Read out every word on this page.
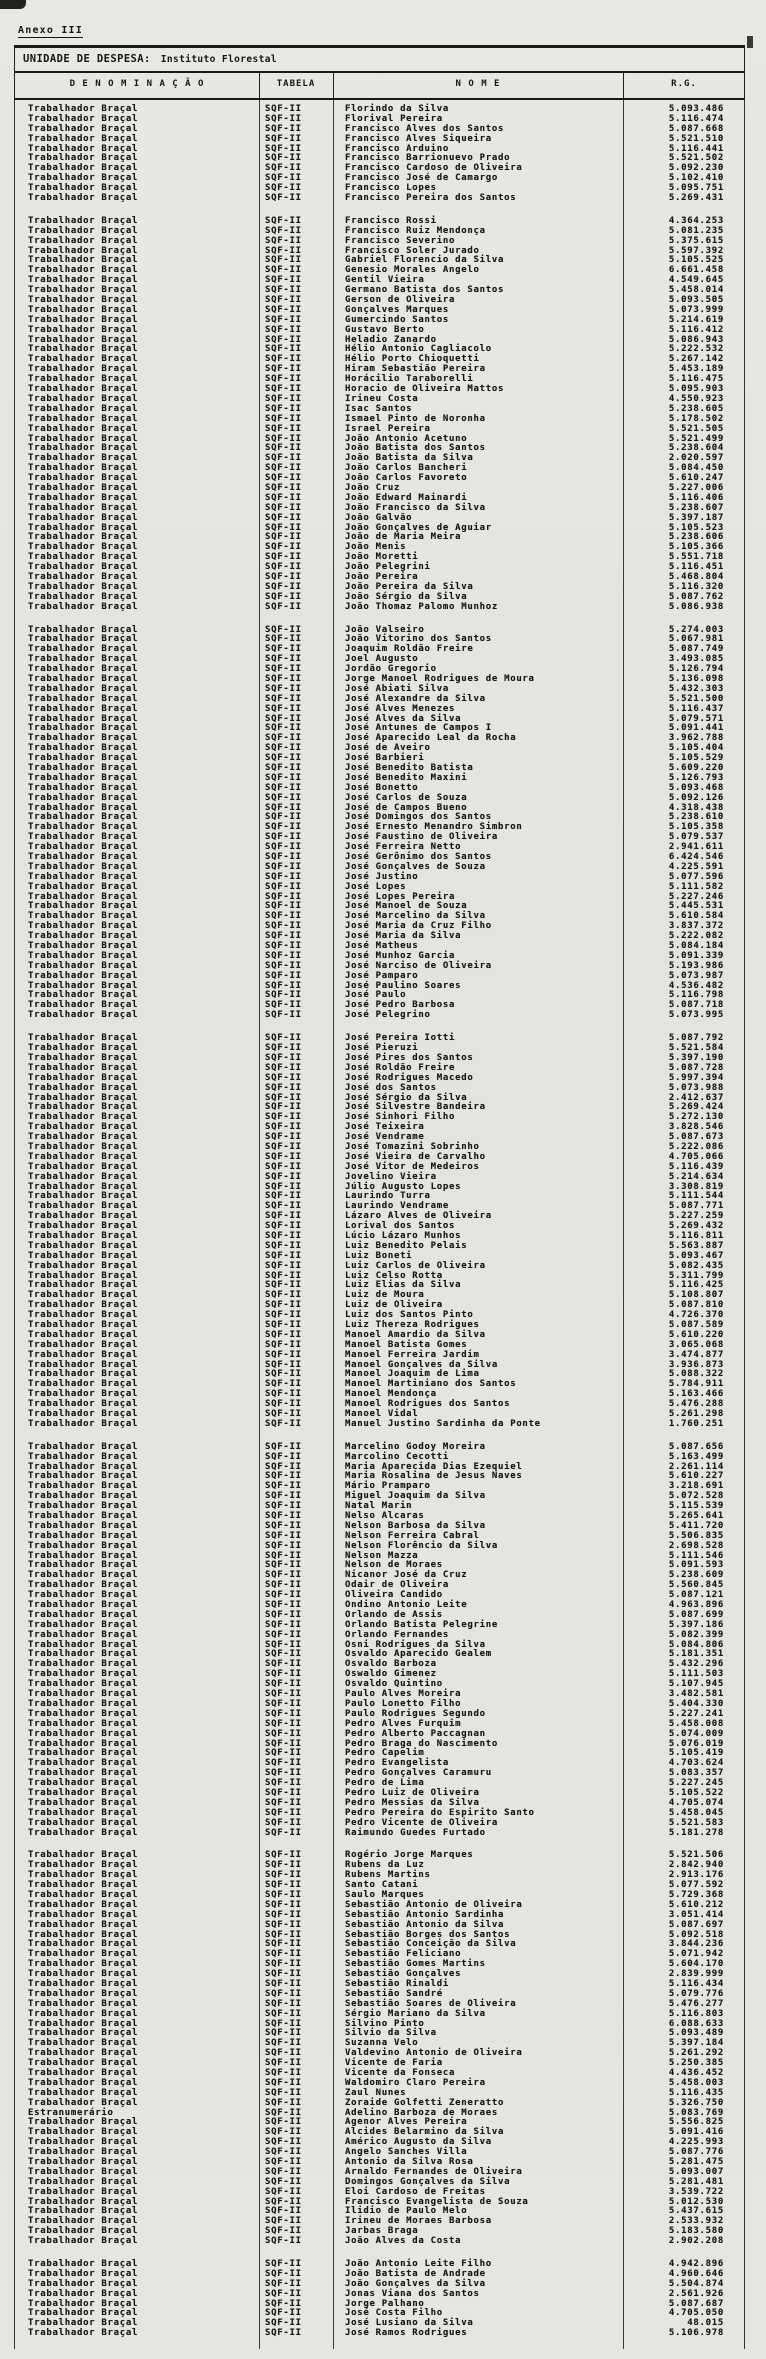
Anexo III
UNIDADE DE DESPESA: Instituto Florestal
D E N O M I N A Ç Ã O	TABELA	N O M E	R.G.
Trabalhador Braçal	SQF-II	Florindo da Silva	5.093.486
Trabalhador Braçal	SQF-II	Florival Pereira	5.116.474
Trabalhador Braçal	SQF-II	Francisco Alves dos Santos	5.087.668
Trabalhador Braçal	SQF-II	Francisco Alves Siqueira	5.521.510
Trabalhador Braçal	SQF-II	Francisco Arduino	5.116.441
Trabalhador Braçal	SQF-II	Francisco Barrionuevo Prado	5.521.502
Trabalhador Braçal	SQF-II	Francisco Cardoso de Oliveira	5.092.230
Trabalhador Braçal	SQF-II	Francisco José de Camargo	5.102.410
Trabalhador Braçal	SQF-II	Francisco Lopes	5.095.751
Trabalhador Braçal	SQF-II	Francisco Pereira dos Santos	5.269.431
Trabalhador Braçal	SQF-II	Francisco Rossi	4.364.253
Trabalhador Braçal	SQF-II	Francisco Ruiz Mendonça	5.081.235
Trabalhador Braçal	SQF-II	Francisco Severino	5.375.615
Trabalhador Braçal	SQF-II	Francisco Soler Jurado	5.597.392
Trabalhador Braçal	SQF-II	Gabriel Florencio da Silva	5.105.525
Trabalhador Braçal	SQF-II	Genesio Morales Angelo	6.661.458
Trabalhador Braçal	SQF-II	Gentil Vieira	4.549.645
Trabalhador Braçal	SQF-II	Germano Batista dos Santos	5.458.014
Trabalhador Braçal	SQF-II	Gerson de Oliveira	5.093.505
Trabalhador Braçal	SQF-II	Gonçalves Marques	5.073.999
Trabalhador Braçal	SQF-II	Gumercindo Santos	5.214.619
Trabalhador Braçal	SQF-II	Gustavo Berto	5.116.412
Trabalhador Braçal	SQF-II	Heladio Zanardo	5.086.943
Trabalhador Braçal	SQF-II	Hélio Antonio Cagliacolo	5.222.532
Trabalhador Braçal	SQF-II	Hélio Porto Chioquetti	5.267.142
Trabalhador Braçal	SQF-II	Hiram Sebastião Pereira	5.453.189
Trabalhador Braçal	SQF-II	Horácilio Taraborelli	5.116.475
Trabalhador Braçal	SQF-II	Horacio de Oliveira Mattos	5.095.903
Trabalhador Braçal	SQF-II	Irineu Costa	4.550.923
Trabalhador Braçal	SQF-II	Isac Santos	5.238.605
Trabalhador Braçal	SQF-II	Ismael Pinto de Noronha	5.178.502
Trabalhador Braçal	SQF-II	Israel Pereira	5.521.505
Trabalhador Braçal	SQF-II	João Antonio Acetuno	5.521.499
Trabalhador Braçal	SQF-II	João Batista dos Santos	5.238.604
Trabalhador Braçal	SQF-II	João Batista da Silva	2.020.597
Trabalhador Braçal	SQF-II	João Carlos Bancheri	5.084.450
Trabalhador Braçal	SQF-II	João Carlos Favoreto	5.610.247
Trabalhador Braçal	SQF-II	João Cruz	5.227.006
Trabalhador Braçal	SQF-II	João Edward Mainardi	5.116.406
Trabalhador Braçal	SQF-II	João Francisco da Silva	5.238.607
Trabalhador Braçal	SQF-II	João Galvão	5.397.187
Trabalhador Braçal	SQF-II	João Gonçalves de Aguiar	5.105.523
Trabalhador Braçal	SQF-II	João de Maria Meira	5.238.606
Trabalhador Braçal	SQF-II	João Menis	5.105.366
Trabalhador Braçal	SQF-II	João Moretti	5.551.718
Trabalhador Braçal	SQF-II	João Pelegrini	5.116.451
Trabalhador Braçal	SQF-II	João Pereira	5.468.804
Trabalhador Braçal	SQF-II	João Pereira da Silva	5.116.320
Trabalhador Braçal	SQF-II	João Sérgio da Silva	5.087.762
Trabalhador Braçal	SQF-II	João Thomaz Palomo Munhoz	5.086.938
Trabalhador Braçal	SQF-II	João Valseiro	5.274.003
Trabalhador Braçal	SQF-II	João Vitorino dos Santos	5.067.981
Trabalhador Braçal	SQF-II	Joaquim Roldão Freire	5.087.749
Trabalhador Braçal	SQF-II	Joel Augusto	3.493.085
Trabalhador Braçal	SQF-II	Jordão Gregorio	5.126.794
Trabalhador Braçal	SQF-II	Jorge Manoel Rodrigues de Moura	5.136.098
Trabalhador Braçal	SQF-II	José Abiati Silva	5.432.303
Trabalhador Braçal	SQF-II	José Alexandre da Silva	5.521.500
Trabalhador Braçal	SQF-II	José Alves Menezes	5.116.437
Trabalhador Braçal	SQF-II	José Alves da Silva	5.079.571
Trabalhador Braçal	SQF-II	José Antunes de Campos I	5.091.441
Trabalhador Braçal	SQF-II	José Aparecido Leal da Rocha	3.962.788
Trabalhador Braçal	SQF-II	José de Aveiro	5.105.404
Trabalhador Braçal	SQF-II	José Barbieri	5.105.529
Trabalhador Braçal	SQF-II	José Benedito Batista	5.609.220
Trabalhador Braçal	SQF-II	José Benedito Maxini	5.126.793
Trabalhador Braçal	SQF-II	José Bonetto	5.093.468
Trabalhador Braçal	SQF-II	José Carlos de Souza	5.092.126
Trabalhador Braçal	SQF-II	José de Campos Bueno	4.318.438
Trabalhador Braçal	SQF-II	José Domingos dos Santos	5.238.610
Trabalhador Braçal	SQF-II	José Ernesto Menandro Simbron	5.105.358
Trabalhador Braçal	SQF-II	José Faustino de Oliveira	5.079.537
Trabalhador Braçal	SQF-II	José Ferreira Netto	2.941.611
Trabalhador Braçal	SQF-II	José Gerônimo dos Santos	6.424.546
Trabalhador Braçal	SQF-II	José Gonçalves de Souza	4.225.591
Trabalhador Braçal	SQF-II	José Justino	5.077.596
Trabalhador Braçal	SQF-II	José Lopes	5.111.582
Trabalhador Braçal	SQF-II	José Lopes Pereira	5.227.246
Trabalhador Braçal	SQF-II	José Manoel de Souza	5.445.531
Trabalhador Braçal	SQF-II	José Marcelino da Silva	5.610.584
Trabalhador Braçal	SQF-II	José Maria da Cruz Filho	3.837.372
Trabalhador Braçal	SQF-II	José Maria da Silva	5.222.082
Trabalhador Braçal	SQF-II	José Matheus	5.084.184
Trabalhador Braçal	SQF-II	José Munhoz Garcia	5.091.339
Trabalhador Braçal	SQF-II	José Narciso de Oliveira	5.193.986
Trabalhador Braçal	SQF-II	José Pamparo	5.073.987
Trabalhador Braçal	SQF-II	José Paulino Soares	4.536.482
Trabalhador Braçal	SQF-II	José Paulo	5.116.798
Trabalhador Braçal	SQF-II	José Pedro Barbosa	5.087.718
Trabalhador Braçal	SQF-II	José Pelegrino	5.073.995
Trabalhador Braçal	SQF-II	José Pereira Iotti	5.087.792
Trabalhador Braçal	SQF-II	José Pieruzi	5.521.584
Trabalhador Braçal	SQF-II	José Pires dos Santos	5.397.190
Trabalhador Braçal	SQF-II	José Roldão Freire	5.087.728
Trabalhador Braçal	SQF-II	José Rodrigues Macedo	5.997.394
Trabalhador Braçal	SQF-II	José dos Santos	5.073.988
Trabalhador Braçal	SQF-II	José Sérgio da Silva	2.412.637
Trabalhador Braçal	SQF-II	José Silvestre Bandeira	5.269.424
Trabalhador Braçal	SQF-II	José Sinhori Filho	5.272.130
Trabalhador Braçal	SQF-II	José Teixeira	3.828.546
Trabalhador Braçal	SQF-II	José Vendrame	5.087.673
Trabalhador Braçal	SQF-II	José Tomazini Sobrinho	5.222.086
Trabalhador Braçal	SQF-II	José Vieira de Carvalho	4.705.066
Trabalhador Braçal	SQF-II	José Vitor de Medeiros	5.116.439
Trabalhador Braçal	SQF-II	Jovelino Vieira	5.214.634
Trabalhador Braçal	SQF-II	Júlio Augusto Lopes	3.308.819
Trabalhador Braçal	SQF-II	Laurindo Turra	5.111.544
Trabalhador Braçal	SQF-II	Laurindo Vendrame	5.087.771
Trabalhador Braçal	SQF-II	Lázaro Alves de Oliveira	5.227.259
Trabalhador Braçal	SQF-II	Lorival dos Santos	5.269.432
Trabalhador Braçal	SQF-II	Lúcio Lázaro Munhos	5.116.811
Trabalhador Braçal	SQF-II	Luiz Benedito Pelais	5.563.887
Trabalhador Braçal	SQF-II	Luiz Boneti	5.093.467
Trabalhador Braçal	SQF-II	Luiz Carlos de Oliveira	5.082.435
Trabalhador Braçal	SQF-II	Luiz Celso Rotta	5.311.799
Trabalhador Braçal	SQF-II	Luiz Elias da Silva	5.116.425
Trabalhador Braçal	SQF-II	Luiz de Moura	5.108.807
Trabalhador Braçal	SQF-II	Luiz de Oliveira	5.087.810
Trabalhador Braçal	SQF-II	Luiz dos Santos Pinto	4.726.370
Trabalhador Braçal	SQF-II	Luiz Thereza Rodrigues	5.087.589
Trabalhador Braçal	SQF-II	Manoel Amardio da Silva	5.610.220
Trabalhador Braçal	SQF-II	Manoel Batista Gomes	3.065.068
Trabalhador Braçal	SQF-II	Manoel Ferreira Jardim	3.474.877
Trabalhador Braçal	SQF-II	Manoel Gonçalves da Silva	3.936.873
Trabalhador Braçal	SQF-II	Manoel Joaquim de Lima	5.088.322
Trabalhador Braçal	SQF-II	Manoel Martiniano dos Santos	5.784.911
Trabalhador Braçal	SQF-II	Manoel Mendonça	5.163.466
Trabalhador Braçal	SQF-II	Manoel Rodrigues dos Santos	5.476.288
Trabalhador Braçal	SQF-II	Manoel Vidal	5.261.298
Trabalhador Braçal	SQF-II	Manuel Justino Sardinha da Ponte	1.760.251
Trabalhador Braçal	SQF-II	Marcelino Godoy Moreira	5.087.656
Trabalhador Braçal	SQF-II	Marcolino Cecotti	5.163.499
Trabalhador Braçal	SQF-II	Maria Aparecida Dias Ezequiel	2.261.114
Trabalhador Braçal	SQF-II	Maria Rosalina de Jesus Naves	5.610.227
Trabalhador Braçal	SQF-II	Mário Pramparo	3.218.691
Trabalhador Braçal	SQF-II	Miguel Joaquim da Silva	5.072.528
Trabalhador Braçal	SQF-II	Natal Marin	5.115.539
Trabalhador Braçal	SQF-II	Nelso Alcaras	5.265.641
Trabalhador Braçal	SQF-II	Nelson Barbosa da Silva	5.411.720
Trabalhador Braçal	SQF-II	Nelson Ferreira Cabral	5.506.835
Trabalhador Braçal	SQF-II	Nelson Florêncio da Silva	2.698.528
Trabalhador Braçal	SQF-II	Nelson Mazza	5.111.546
Trabalhador Braçal	SQF-II	Nelson de Moraes	5.091.593
Trabalhador Braçal	SQF-II	Nicanor José da Cruz	5.238.609
Trabalhador Braçal	SQF-II	Odair de Oliveira	5.560.845
Trabalhador Braçal	SQF-II	Oliveira Candido	5.087.121
Trabalhador Braçal	SQF-II	Ondino Antonio Leite	4.963.896
Trabalhador Braçal	SQF-II	Orlando de Assis	5.087.699
Trabalhador Braçal	SQF-II	Orlando Batista Pelegrine	5.397.186
Trabalhador Braçal	SQF-II	Orlando Fernandes	5.082.399
Trabalhador Braçal	SQF-II	Osni Rodrigues da Silva	5.084.806
Trabalhador Braçal	SQF-II	Osvaldo Aparecido Gealem	5.181.351
Trabalhador Braçal	SQF-II	Osvaldo Barboza	5.432.296
Trabalhador Braçal	SQF-II	Oswaldo Gimenez	5.111.503
Trabalhador Braçal	SQF-II	Osvaldo Quintino	5.107.945
Trabalhador Braçal	SQF-II	Paulo Alves Moreira	3.482.581
Trabalhador Braçal	SQF-II	Paulo Lonetto Filho	5.404.330
Trabalhador Braçal	SQF-II	Paulo Rodrigues Segundo	5.227.241
Trabalhador Braçal	SQF-II	Pedro Alves Furquim	5.458.008
Trabalhador Braçal	SQF-II	Pedro Alberto Paccagnan	5.074.009
Trabalhador Braçal	SQF-II	Pedro Braga do Nascimento	5.076.019
Trabalhador Braçal	SQF-II	Pedro Capelim	5.105.419
Trabalhador Braçal	SQF-II	Pedro Evangelista	4.703.624
Trabalhador Braçal	SQF-II	Pedro Gonçalves Caramuru	5.083.357
Trabalhador Braçal	SQF-II	Pedro de Lima	5.227.245
Trabalhador Braçal	SQF-II	Pedro Luiz de Oliveira	5.105.522
Trabalhador Braçal	SQF-II	Pedro Messias da Silva	4.705.074
Trabalhador Braçal	SQF-II	Pedro Pereira do Espirito Santo	5.458.045
Trabalhador Braçal	SQF-II	Pedro Vicente de Oliveira	5.521.583
Trabalhador Braçal	SQF-II	Raimundo Guedes Furtado	5.181.278
Trabalhador Braçal	SQF-II	Rogério Jorge Marques	5.521.506
Trabalhador Braçal	SQF-II	Rubens da Luz	2.842.940
Trabalhador Braçal	SQF-II	Rubens Martins	2.913.176
Trabalhador Braçal	SQF-II	Santo Catani	5.077.592
Trabalhador Braçal	SQF-II	Saulo Marques	5.729.368
Trabalhador Braçal	SQF-II	Sebastião Antonio de Oliveira	5.610.212
Trabalhador Braçal	SQF-II	Sebastião Antonio Sardinha	3.051.414
Trabalhador Braçal	SQF-II	Sebastião Antonio da Silva	5.087.697
Trabalhador Braçal	SQF-II	Sebastião Borges dos Santos	5.092.518
Trabalhador Braçal	SQF-II	Sebastião Conceição da Silva	3.844.236
Trabalhador Braçal	SQF-II	Sebastião Feliciano	5.071.942
Trabalhador Braçal	SQF-II	Sebastião Gomes Martins	5.604.170
Trabalhador Braçal	SQF-II	Sebastião Gonçalves	2.839.999
Trabalhador Braçal	SQF-II	Sebastião Rinaldi	5.116.434
Trabalhador Braçal	SQF-II	Sebastião Sandré	5.079.776
Trabalhador Braçal	SQF-II	Sebastião Soares de Oliveira	5.476.277
Trabalhador Braçal	SQF-II	Sérgio Mariano da Silva	5.116.803
Trabalhador Braçal	SQF-II	Silvino Pinto	6.088.633
Trabalhador Braçal	SQF-II	Silvio da Silva	5.093.489
Trabalhador Braçal	SQF-II	Suzanna Velo	5.397.184
Trabalhador Braçal	SQF-II	Valdevino Antonio de Oliveira	5.261.292
Trabalhador Braçal	SQF-II	Vicente de Faria	5.250.385
Trabalhador Braçal	SQF-II	Vicente da Fonseca	4.436.452
Trabalhador Braçal	SQF-II	Waldomiro Claro Pereira	5.458.003
Trabalhador Braçal	SQF-II	Zaul Nunes	5.116.435
Trabalhador Braçal	SQF-II	Zoraide Golfetti Zeneratto	5.326.750
Estranumerário	SQF-II	Adelino Barboza de Moraes	5.083.769
Trabalhador Braçal	SQF-II	Agenor Alves Pereira	5.556.825
Trabalhador Braçal	SQF-II	Alcides Belarmino da Silva	5.091.416
Trabalhador Braçal	SQF-II	Américo Augusto da Silva	4.225.993
Trabalhador Braçal	SQF-II	Angelo Sanches Villa	5.087.776
Trabalhador Braçal	SQF-II	Antonio da Silva Rosa	5.281.475
Trabalhador Braçal	SQF-II	Arnaldo Fernandes de Oliveira	5.093.007
Trabalhador Braçal	SQF-II	Domingos Gonçalves da Silva	5.281.481
Trabalhador Braçal	SQF-II	Eloi Cardoso de Freitas	3.539.722
Trabalhador Braçal	SQF-II	Francisco Evangelista de Souza	5.012.530
Trabalhador Braçal	SQF-II	Ilidio de Paulo Melo	5.437.615
Trabalhador Braçal	SQF-II	Irineu de Moraes Barbosa	2.533.932
Trabalhador Braçal	SQF-II	Jarbas Braga	5.183.580
Trabalhador Braçal	SQF-II	João Alves da Costa	2.902.208
Trabalhador Braçal	SQF-II	João Antonio Leite Filho	4.942.896
Trabalhador Braçal	SQF-II	João Batista de Andrade	4.960.646
Trabalhador Braçal	SQF-II	João Gonçalves da Silva	5.504.874
Trabalhador Braçal	SQF-II	Jonas Viana dos Santos	2.561.926
Trabalhador Braçal	SQF-II	Jorge Palhano	5.087.687
Trabalhador Braçal	SQF-II	José Costa Filho	4.705.050
Trabalhador Braçal	SQF-II	José Lusiano da Silva	48.015
Trabalhador Braçal	SQF-II	José Ramos Rodrigues	5.106.978
